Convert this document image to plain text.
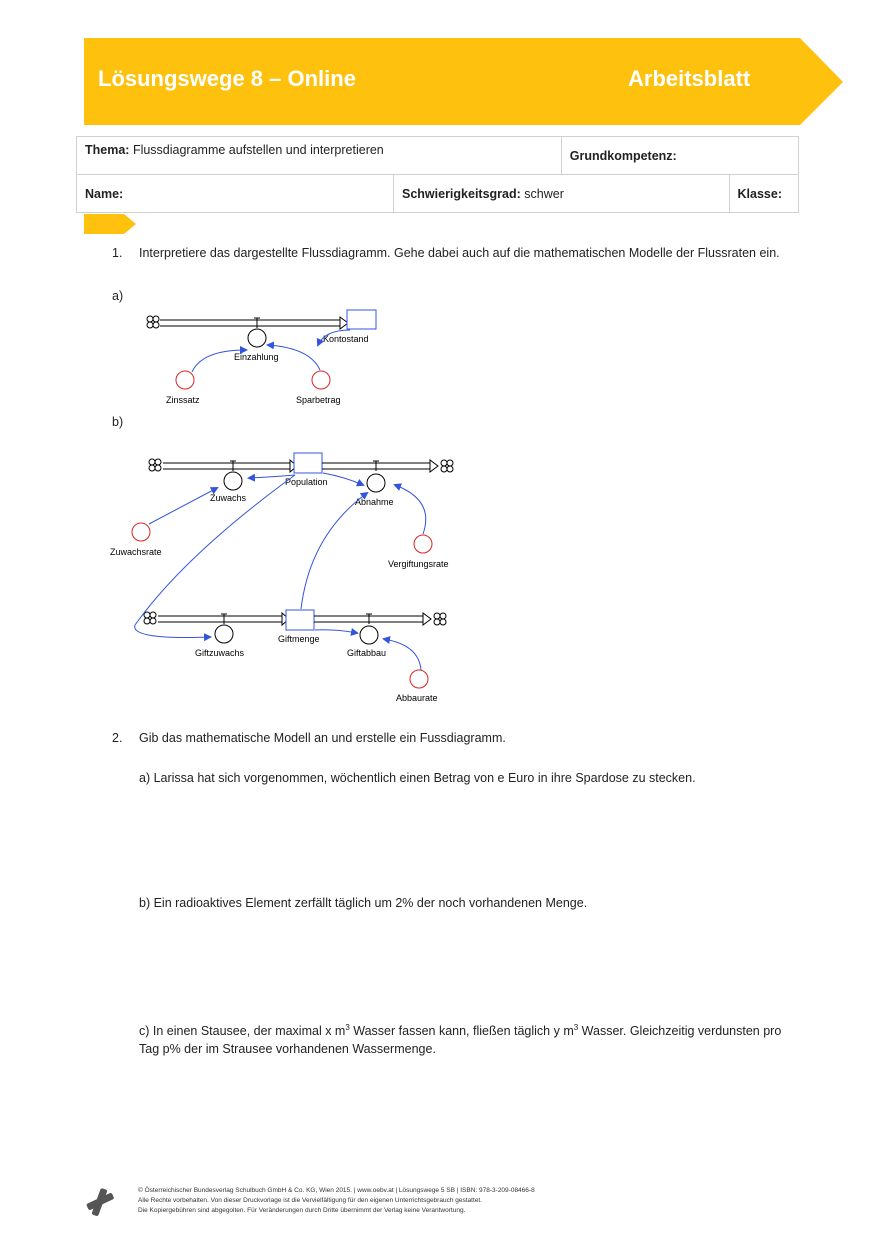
Lösungswege 8 – Online	Arbeitsblatt
Thema: Flussdiagramme aufstellen und interpretieren		Grundkompetenz:	
Name:	Schwierigkeitsgrad: schwer		Klasse:
1. Interpretiere das dargestellte Flussdiagramm. Gehe dabei auch auf die mathematischen Modelle der Flussraten ein.
a)
Einzahlung
Kontostand
Zinssatz	Sparbetrag
b)
Zuwachs
Population
Abnahme
Zuwachsrate
Vergiftungsrate
Giftzuwachs
Giftmenge
Giftabbau
Abbaurate
2. Gib das mathematische Modell an und erstelle ein Fussdiagramm.
a) Larissa hat sich vorgenommen, wöchentlich einen Betrag von e Euro in ihre Spardose zu stecken.
b) Ein radioaktives Element zerfällt täglich um 2% der noch vorhandenen Menge.
c) In einen Stausee, der maximal x $m^3$ Wasser fassen kann, fließen täglich y $m^3$ Wasser. Gleichzeitig verdunsten pro
Tag p% der im Strausee vorhandenen Wassermenge.
© Österreichischer Bundesverlag Schulbuch GmbH & Co. KG, Wien 2015. | www.oebv.at | Lösungswege 5 SB | ISBN: 978-3-209-08466-8
Alle Rechte vorbehalten. Von dieser Druckvorlage ist die Vervielfältigung für den eigenen Unterrichtsgebrauch gestattet.
Die Kopiergebühren sind abgegolten. Für Veränderungen durch Dritte übernimmt der Verlag keine Verantwortung.
